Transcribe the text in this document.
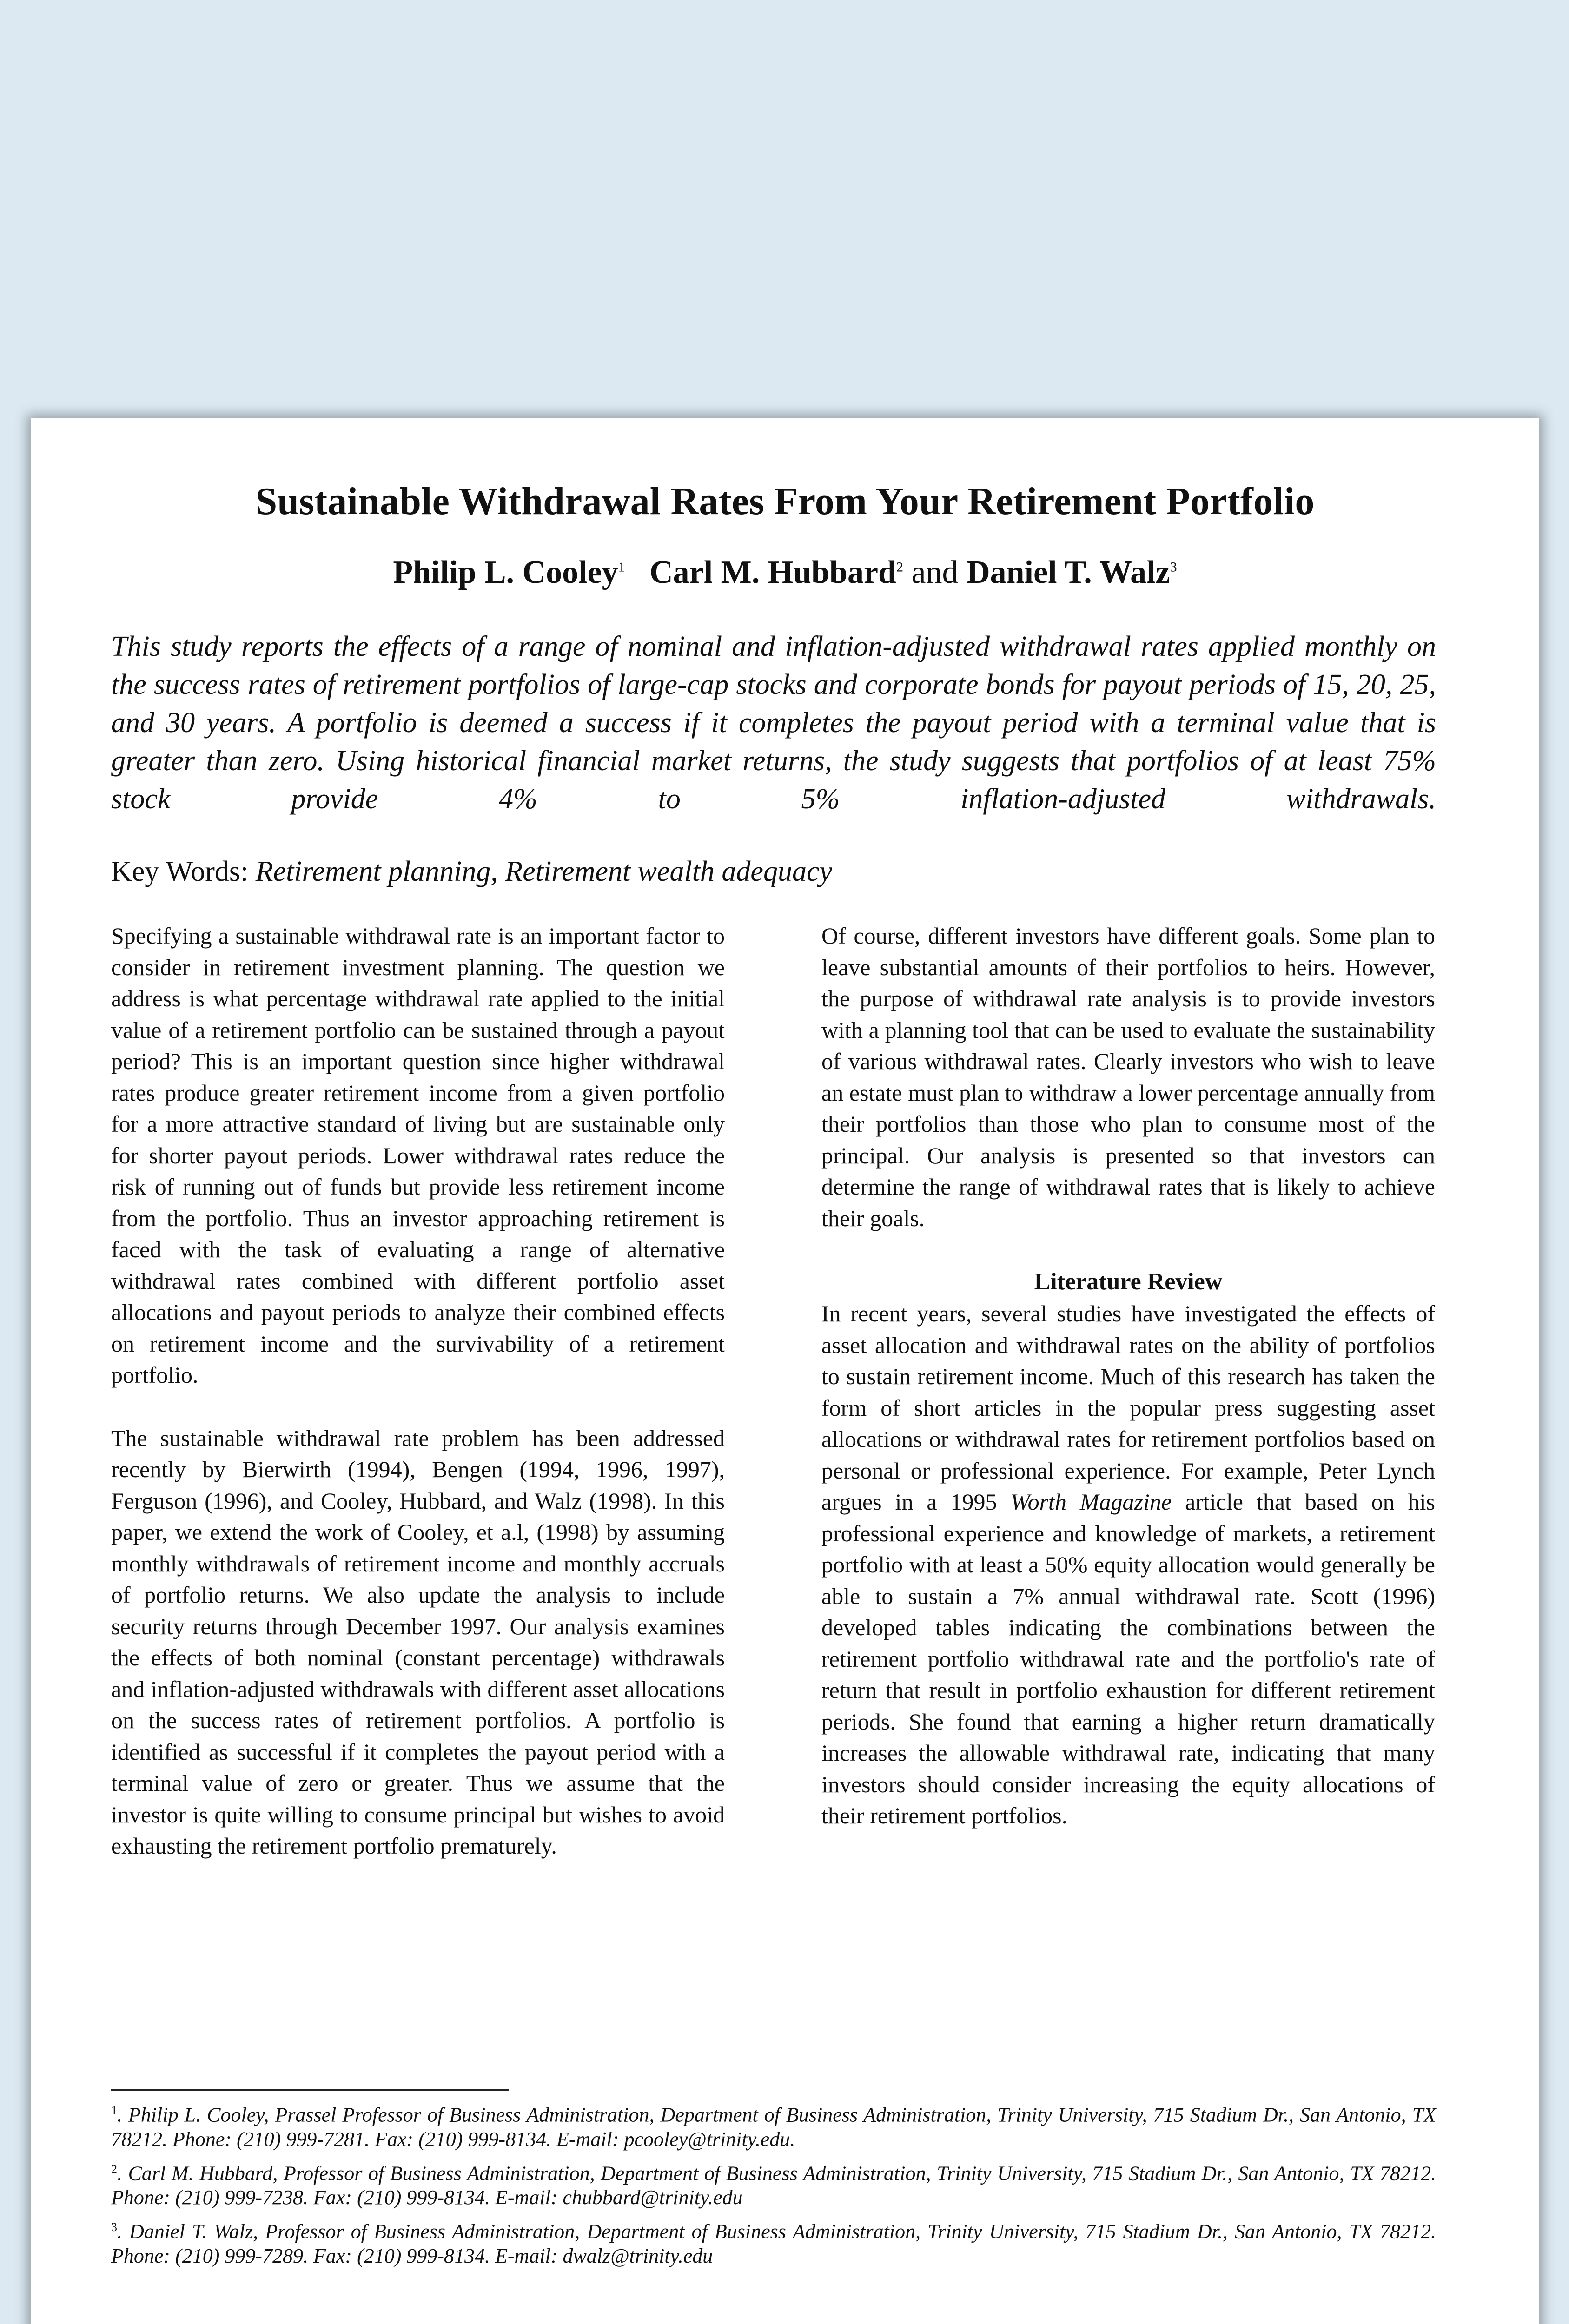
Sustainable Withdrawal Rates From Your Retirement Portfolio
Philip L. Cooley$^1$ Carl M. Hubbard$^2$ and Daniel T. Walz$^3$
This study reports the effects of a range of nominal and inflation-adjusted withdrawal rates applied monthly on the success rates of retirement portfolios of large-cap stocks and corporate bonds for payout periods of 15, 20, 25, and 30 years. A portfolio is deemed a success if it completes the payout period with a terminal value that is greater than zero. Using historical financial market returns, the study suggests that portfolios of at least 75% stock provide 4% to 5% inflation-adjusted withdrawals.
Key Words: Retirement planning, Retirement wealth adequacy

Specifying a sustainable withdrawal rate is an important factor to consider in retirement investment planning. The question we address is what percentage withdrawal rate applied to the initial value of a retirement portfolio can be sustained through a payout period? This is an important question since higher withdrawal rates produce greater retirement income from a given portfolio for a more attractive standard of living but are sustainable only for shorter payout periods. Lower withdrawal rates reduce the risk of running out of funds but provide less retirement income from the portfolio. Thus an investor approaching retirement is faced with the task of evaluating a range of alternative withdrawal rates combined with different portfolio asset allocations and payout periods to analyze their combined effects on retirement income and the survivability of a retirement portfolio.

The sustainable withdrawal rate problem has been addressed recently by Bierwirth (1994), Bengen (1994, 1996, 1997), Ferguson (1996), and Cooley, Hubbard, and Walz (1998). In this paper, we extend the work of Cooley, et a.l, (1998) by assuming monthly withdrawals of retirement income and monthly accruals of portfolio returns. We also update the analysis to include security returns through December 1997. Our analysis examines the effects of both nominal (constant percentage) withdrawals and inflation-adjusted withdrawals with different asset allocations on the success rates of retirement portfolios. A portfolio is identified as successful if it completes the payout period with a terminal value of zero or greater. Thus we assume that the investor is quite willing to consume principal but wishes to avoid exhausting the retirement portfolio prematurely.

Of course, different investors have different goals. Some plan to leave substantial amounts of their portfolios to heirs. However, the purpose of withdrawal rate analysis is to provide investors with a planning tool that can be used to evaluate the sustainability of various withdrawal rates. Clearly investors who wish to leave an estate must plan to withdraw a lower percentage annually from their portfolios than those who plan to consume most of the principal. Our analysis is presented so that investors can determine the range of withdrawal rates that is likely to achieve their goals.

Literature Review

In recent years, several studies have investigated the effects of asset allocation and withdrawal rates on the ability of portfolios to sustain retirement income. Much of this research has taken the form of short articles in the popular press suggesting asset allocations or withdrawal rates for retirement portfolios based on personal or professional experience. For example, Peter Lynch argues in a 1995 Worth Magazine article that based on his professional experience and knowledge of markets, a retirement portfolio with at least a 50% equity allocation would generally be able to sustain a 7% annual withdrawal rate. Scott (1996) developed tables indicating the combinations between the retirement portfolio withdrawal rate and the portfolio's rate of return that result in portfolio exhaustion for different retirement periods. She found that earning a higher return dramatically increases the allowable withdrawal rate, indicating that many investors should consider increasing the equity allocations of their retirement portfolios.

$^1$. Philip L. Cooley, Prassel Professor of Business Administration, Department of Business Administration, Trinity University, 715 Stadium Dr., San Antonio, TX 78212. Phone: (210) 999-7281. Fax: (210) 999-8134. E-mail: pcooley@trinity.edu.
$^2$. Carl M. Hubbard, Professor of Business Administration, Department of Business Administration, Trinity University, 715 Stadium Dr., San Antonio, TX 78212. Phone: (210) 999-7238. Fax: (210) 999-8134. E-mail: chubbard@trinity.edu
$^3$. Daniel T. Walz, Professor of Business Administration, Department of Business Administration, Trinity University, 715 Stadium Dr., San Antonio, TX 78212. Phone: (210) 999-7289. Fax: (210) 999-8134. E-mail: dwalz@trinity.edu
